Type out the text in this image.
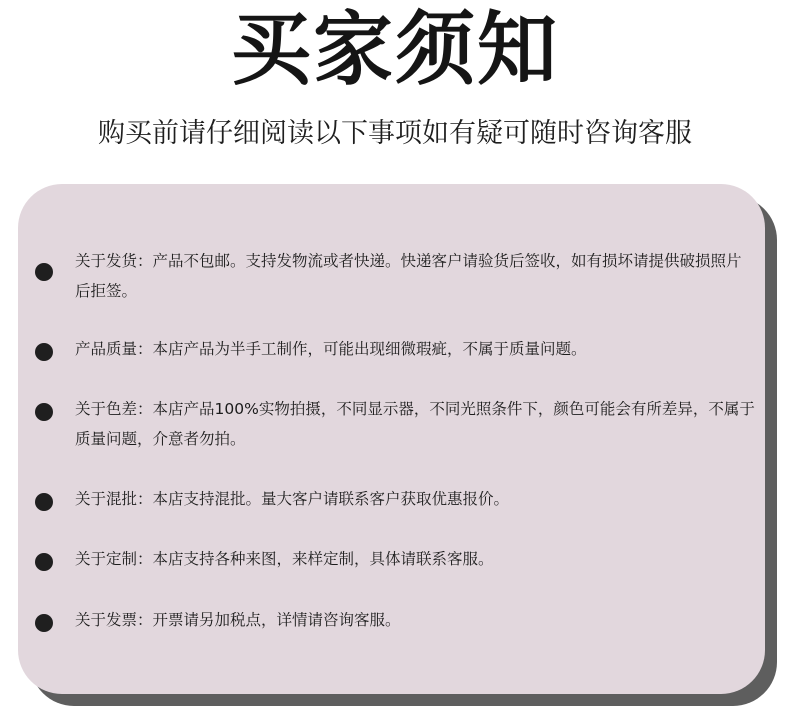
买家须知
购买前请仔细阅读以下事项如有疑可随时咨询客服
关于发货：产品不包邮。支持发物流或者快递。快递客户请验货后签收，如有损坏请提供破损照片后拒签。
产品质量：本店产品为半手工制作，可能出现细微瑕疵，不属于质量问题。
关于色差：本店产品100%实物拍摄，不同显示器，不同光照条件下，颜色可能会有所差异，不属于质量问题，介意者勿拍。
关于混批：本店支持混批。量大客户请联系客户获取优惠报价。
关于定制：本店支持各种来图，来样定制，具体请联系客服。
关于发票：开票请另加税点，详情请咨询客服。
